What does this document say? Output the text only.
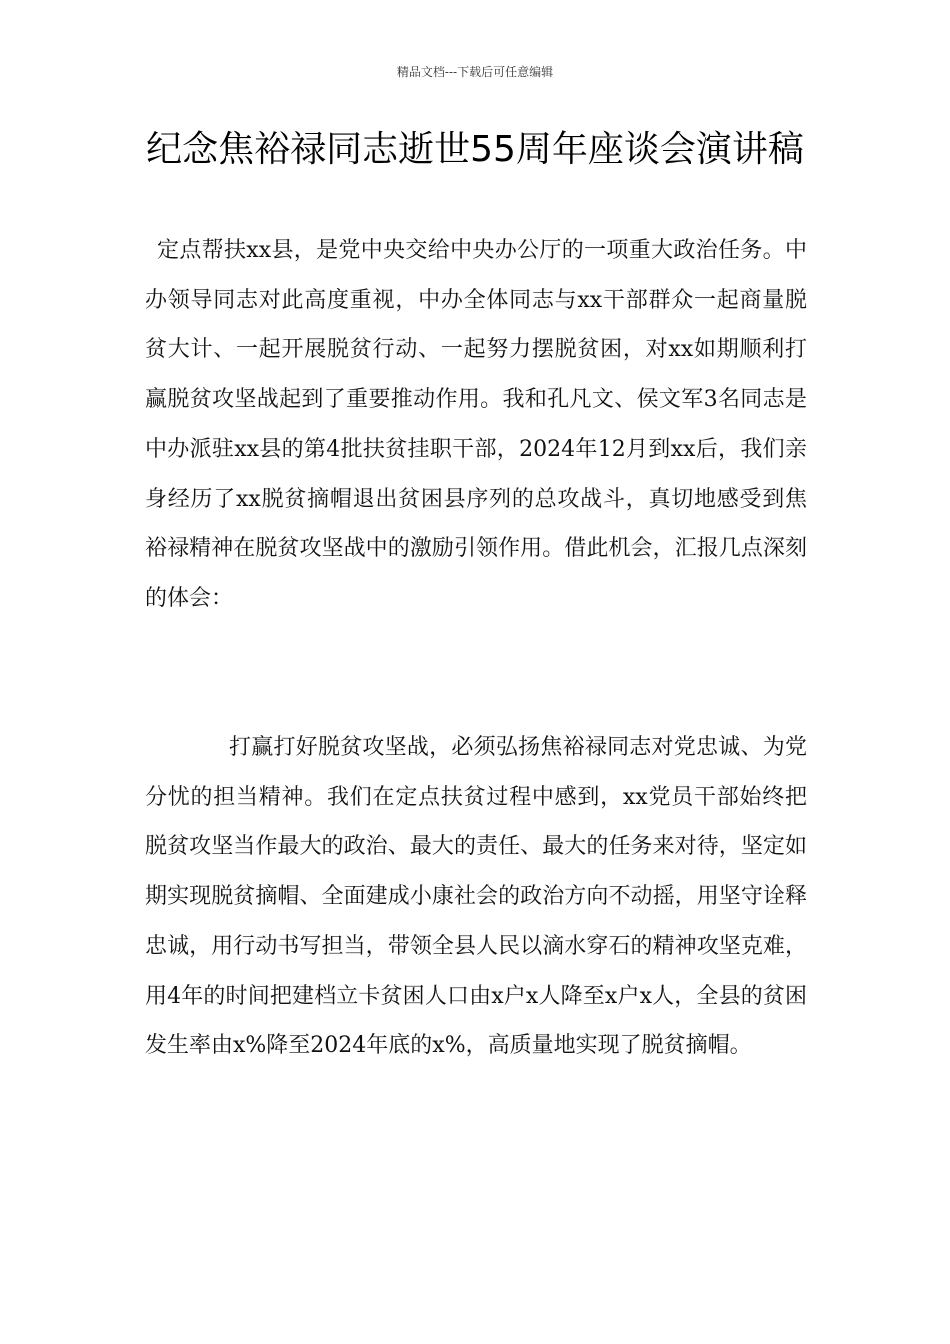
精品文档---下载后可任意编辑
纪念焦裕禄同志逝世55周年座谈会演讲稿

定点帮扶xx县，是党中央交给中央办公厅的一项重大政治任务。中办领导同志对此高度重视，中办全体同志与xx干部群众一起商量脱贫大计、一起开展脱贫行动、一起努力摆脱贫困，对xx如期顺利打赢脱贫攻坚战起到了重要推动作用。我和孔凡文、侯文军3名同志是中办派驻xx县的第4批扶贫挂职干部，2024年12月到xx后，我们亲身经历了xx脱贫摘帽退出贫困县序列的总攻战斗，真切地感受到焦裕禄精神在脱贫攻坚战中的激励引领作用。借此机会，汇报几点深刻的体会：

打赢打好脱贫攻坚战，必须弘扬焦裕禄同志对党忠诚、为党分忧的担当精神。我们在定点扶贫过程中感到，xx党员干部始终把脱贫攻坚当作最大的政治、最大的责任、最大的任务来对待，坚定如期实现脱贫摘帽、全面建成小康社会的政治方向不动摇，用坚守诠释忠诚，用行动书写担当，带领全县人民以滴水穿石的精神攻坚克难，用4年的时间把建档立卡贫困人口由x户x人降至x户x人，全县的贫困发生率由x%降至2024年底的x%，高质量地实现了脱贫摘帽。
